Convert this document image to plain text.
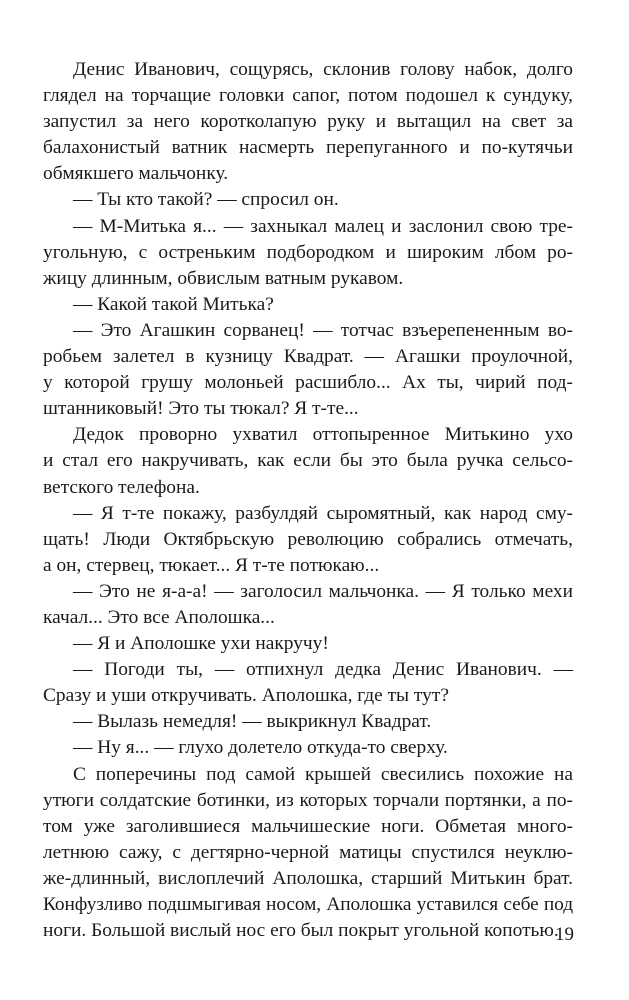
Денис Иванович, сощурясь, склонив голову набок, долго
глядел на торчащие головки сапог, потом подошел к сундуку,
запустил за него коротколапую руку и вытащил на свет за
балахонистый ватник насмерть перепуганного и по-кутячьи
обмякшего мальчонку.
— Ты кто такой? — спросил он.
— М-Митька я... — захныкал малец и заслонил свою тре-
угольную, с остреньким подбородком и широким лбом ро-
жицу длинным, обвислым ватным рукавом.
— Какой такой Митька?
— Это Агашкин сорванец! — тотчас взъерепененным во-
робьем залетел в кузницу Квадрат. — Агашки проулочной,
у которой грушу молоньей расшибло... Ах ты, чирий под-
штанниковый! Это ты тюкал? Я т-те...
Дедок проворно ухватил оттопыренное Митькино ухо
и стал его накручивать, как если бы это была ручка сельсо-
ветского телефона.
— Я т-те покажу, разбулдяй сыромятный, как народ сму-
щать! Люди Октябрьскую революцию собрались отмечать,
а он, стервец, тюкает... Я т-те потюкаю...
— Это не я-а-а! — заголосил мальчонка. — Я только мехи
качал... Это все Аполошка...
— Я и Аполошке ухи накручу!
— Погоди ты, — отпихнул дедка Денис Иванович. —
Сразу и уши откручивать. Аполошка, где ты тут?
— Вылазь немедля! — выкрикнул Квадрат.
— Ну я... — глухо долетело откуда-то сверху.
С поперечины под самой крышей свесились похожие на
утюги солдатские ботинки, из которых торчали портянки, а по-
том уже заголившиеся мальчишеские ноги. Обметая много-
летнюю сажу, с дегтярно-черной матицы спустился неуклю-
же-длинный, вислоплечий Аполошка, старший Митькин брат.
Конфузливо подшмыгивая носом, Аполошка уставился себе под
ноги. Большой вислый нос его был покрыт угольной копотью.
19
